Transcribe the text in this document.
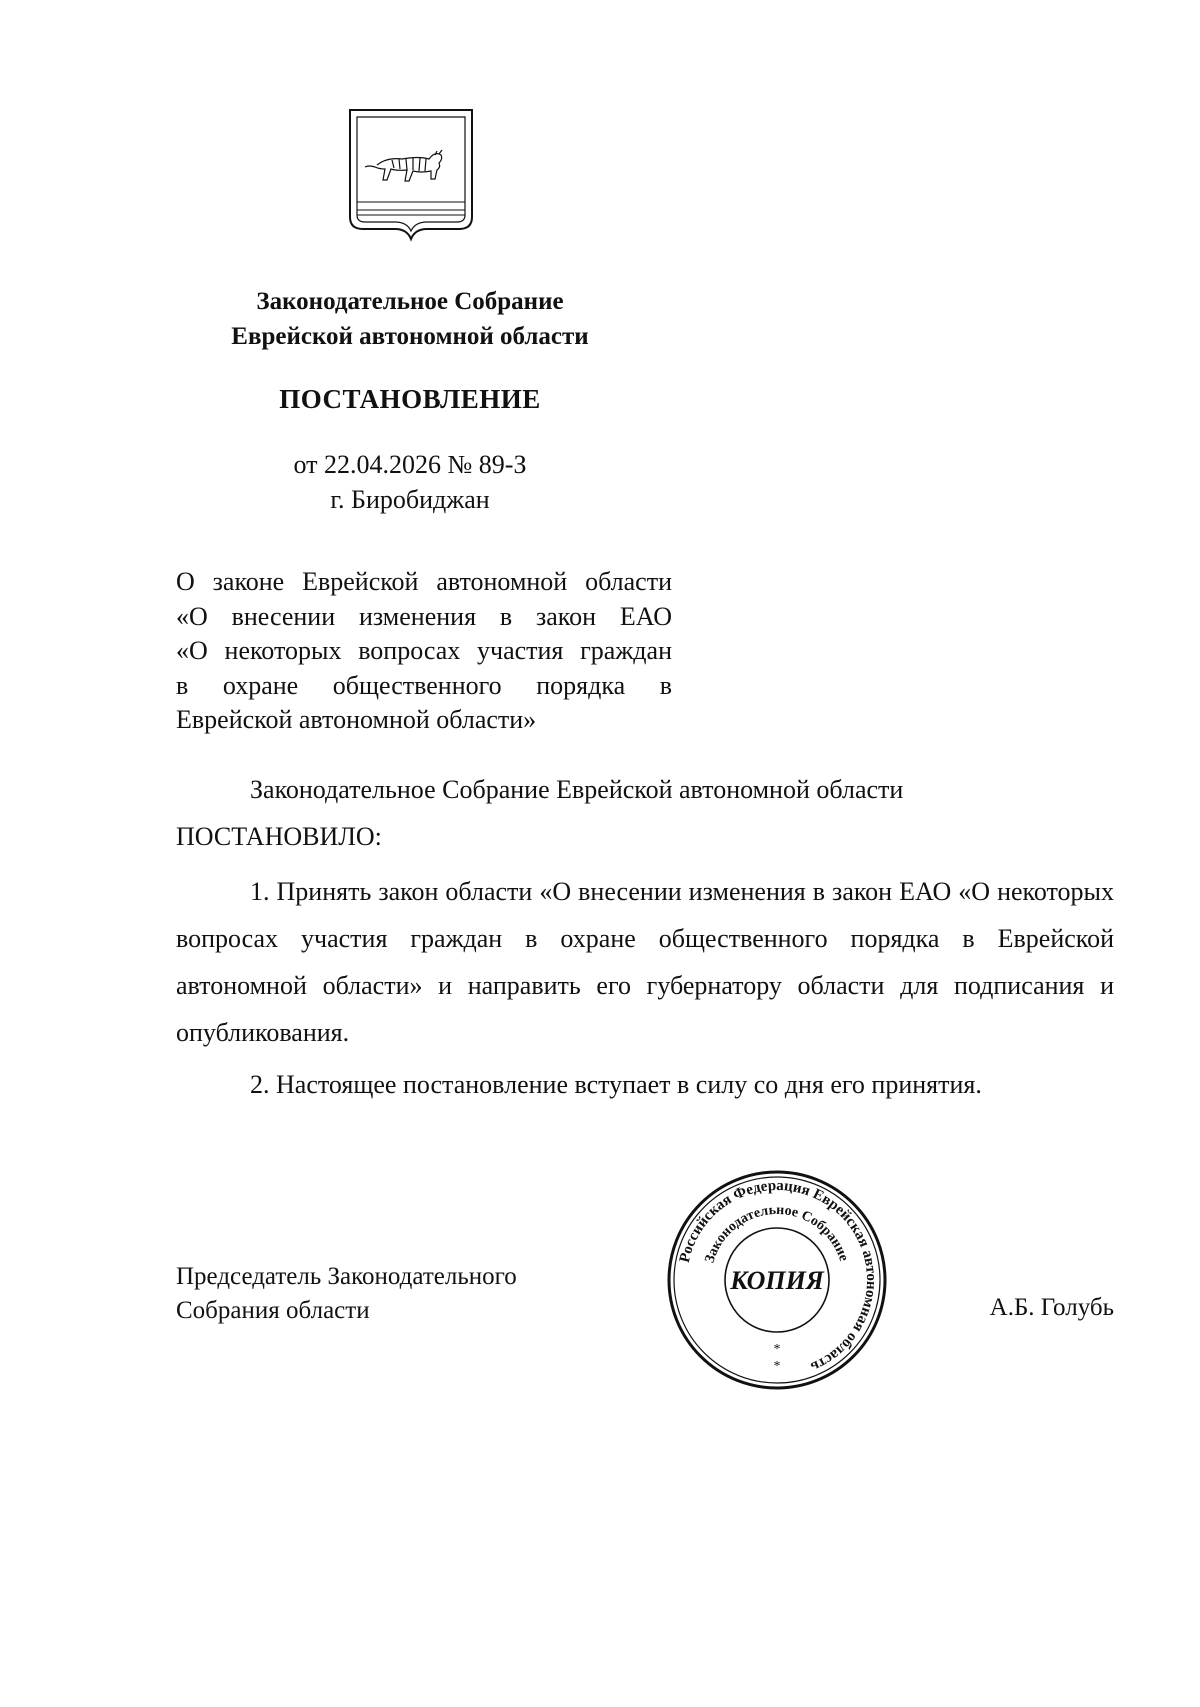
Законодательное Собрание
Еврейской автономной области
ПОСТАНОВЛЕНИЕ
от 22.04.2026 № 89-З
г. Биробиджан
О законе Еврейской автономной области
«О внесении изменения в закон ЕАО
«О некоторых вопросах участия граждан
в охране общественного порядка в
Еврейской автономной области»
Законодательное Собрание Еврейской автономной области
ПОСТАНОВИЛО:
1. Принять закон области «О внесении изменения в закон ЕАО «О некоторых вопросах участия граждан в охране общественного порядка в Еврейской автономной области» и направить его губернатору области для подписания и опубликования.
2. Настоящее постановление вступает в силу со дня его принятия.
Председатель Законодательного
Собрания области	А.Б. Голубь
Российская Федерация Еврейская автономная область
Законодательное Собрание
КОПИЯ
*
*
